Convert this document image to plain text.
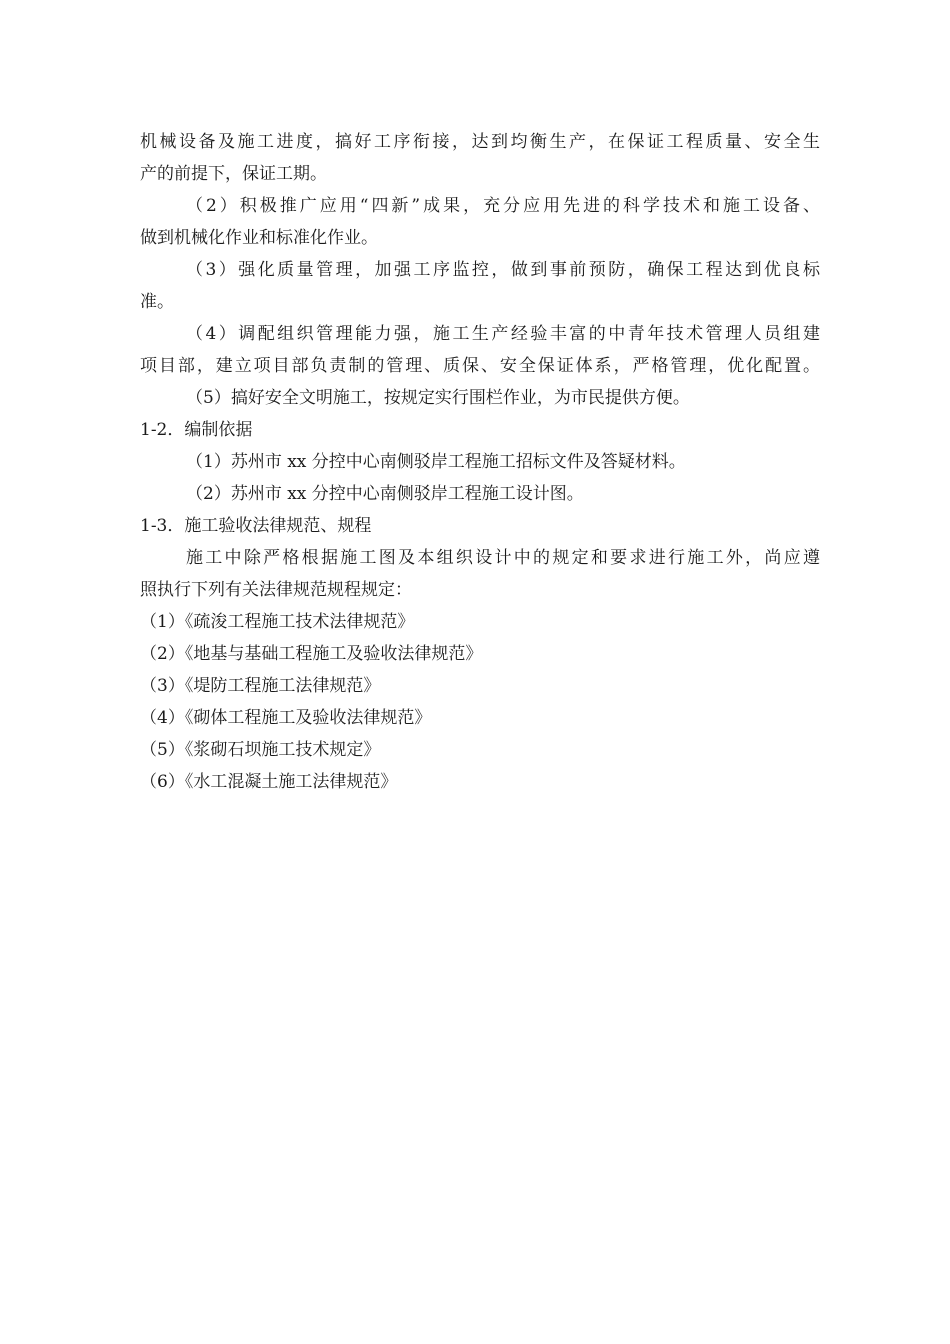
机械设备及施工进度，搞好工序衔接，达到均衡生产，在保证工程质量、安全生

产的前提下，保证工期。

（2）积极推广应用“四新”成果，充分应用先进的科学技术和施工设备、

做到机械化作业和标准化作业。

（3）强化质量管理，加强工序监控，做到事前预防，确保工程达到优良标

准。

（4）调配组织管理能力强，施工生产经验丰富的中青年技术管理人员组建

项目部，建立项目部负责制的管理、质保、安全保证体系，严格管理，优化配置。

（5）搞好安全文明施工，按规定实行围栏作业，为市民提供方便。

1-2．编制依据

（1）苏州市 xx 分控中心南侧驳岸工程施工招标文件及答疑材料。

（2）苏州市 xx 分控中心南侧驳岸工程施工设计图。

1-3．施工验收法律规范、规程

施工中除严格根据施工图及本组织设计中的规定和要求进行施工外，尚应遵

照执行下列有关法律规范规程规定：

（1）《疏浚工程施工技术法律规范》

（2）《地基与基础工程施工及验收法律规范》

（3）《堤防工程施工法律规范》

（4）《砌体工程施工及验收法律规范》

（5）《浆砌石坝施工技术规定》

（6）《水工混凝土施工法律规范》
